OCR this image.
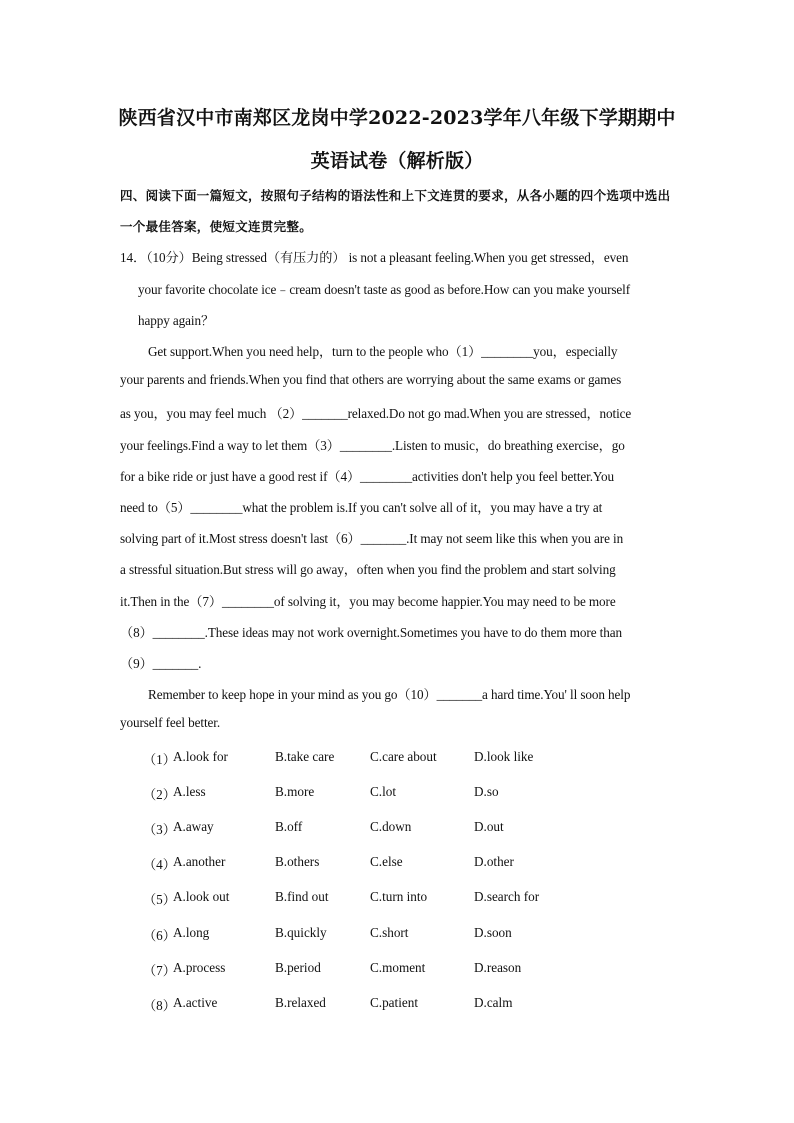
陕西省汉中市南郑区龙岗中学2022-2023学年八年级下学期期中
英语试卷（解析版）
四、阅读下面一篇短文，按照句子结构的语法性和上下文连贯的要求，从各小题的四个选项中选出一个最佳答案，使短文连贯完整。
14．（10分）Being stressed（有压力的） is not a pleasant feeling.When you get stressed，even
your favorite chocolate ice﹣cream doesn't taste as good as before.How can you make yourself
happy again？
Get support.When you need help，turn to the people who（1）________you，especially
your parents and friends.When you find that others are worrying about the same exams or games
as you，you may feel much （2）_______relaxed.Do not go mad.When you are stressed，notice
your feelings.Find a way to let them（3）________.Listen to music，do breathing exercise，go
for a bike ride or just have a good rest if（4）________activities don't help you feel better.You
need to（5）________what the problem is.If you can't solve all of it，you may have a try at
solving part of it.Most stress doesn't last（6）_______.It may not seem like this when you are in
a stressful situation.But stress will go away，often when you find the problem and start solving
it.Then in the（7）________of solving it，you may become happier.You may need to be more
（8）________.These ideas may not work overnight.Sometimes you have to do them more than
（9）_______.
Remember to keep hope in your mind as you go（10）_______a hard time.You' ll soon help
yourself feel better.
（1）
A.look for	B.take care	C.care about	D.look like
（2）
A.less	B.more	C.lot	D.so
（3）
A.away	B.off	C.down	D.out
（4）
A.another	B.others	C.else	D.other
（5）
A.look out	B.find out	C.turn into	D.search for
（6）
A.long	B.quickly	C.short	D.soon
（7）
A.process	B.period	C.moment	D.reason
（8）
A.active	B.relaxed	C.patient	D.calm
